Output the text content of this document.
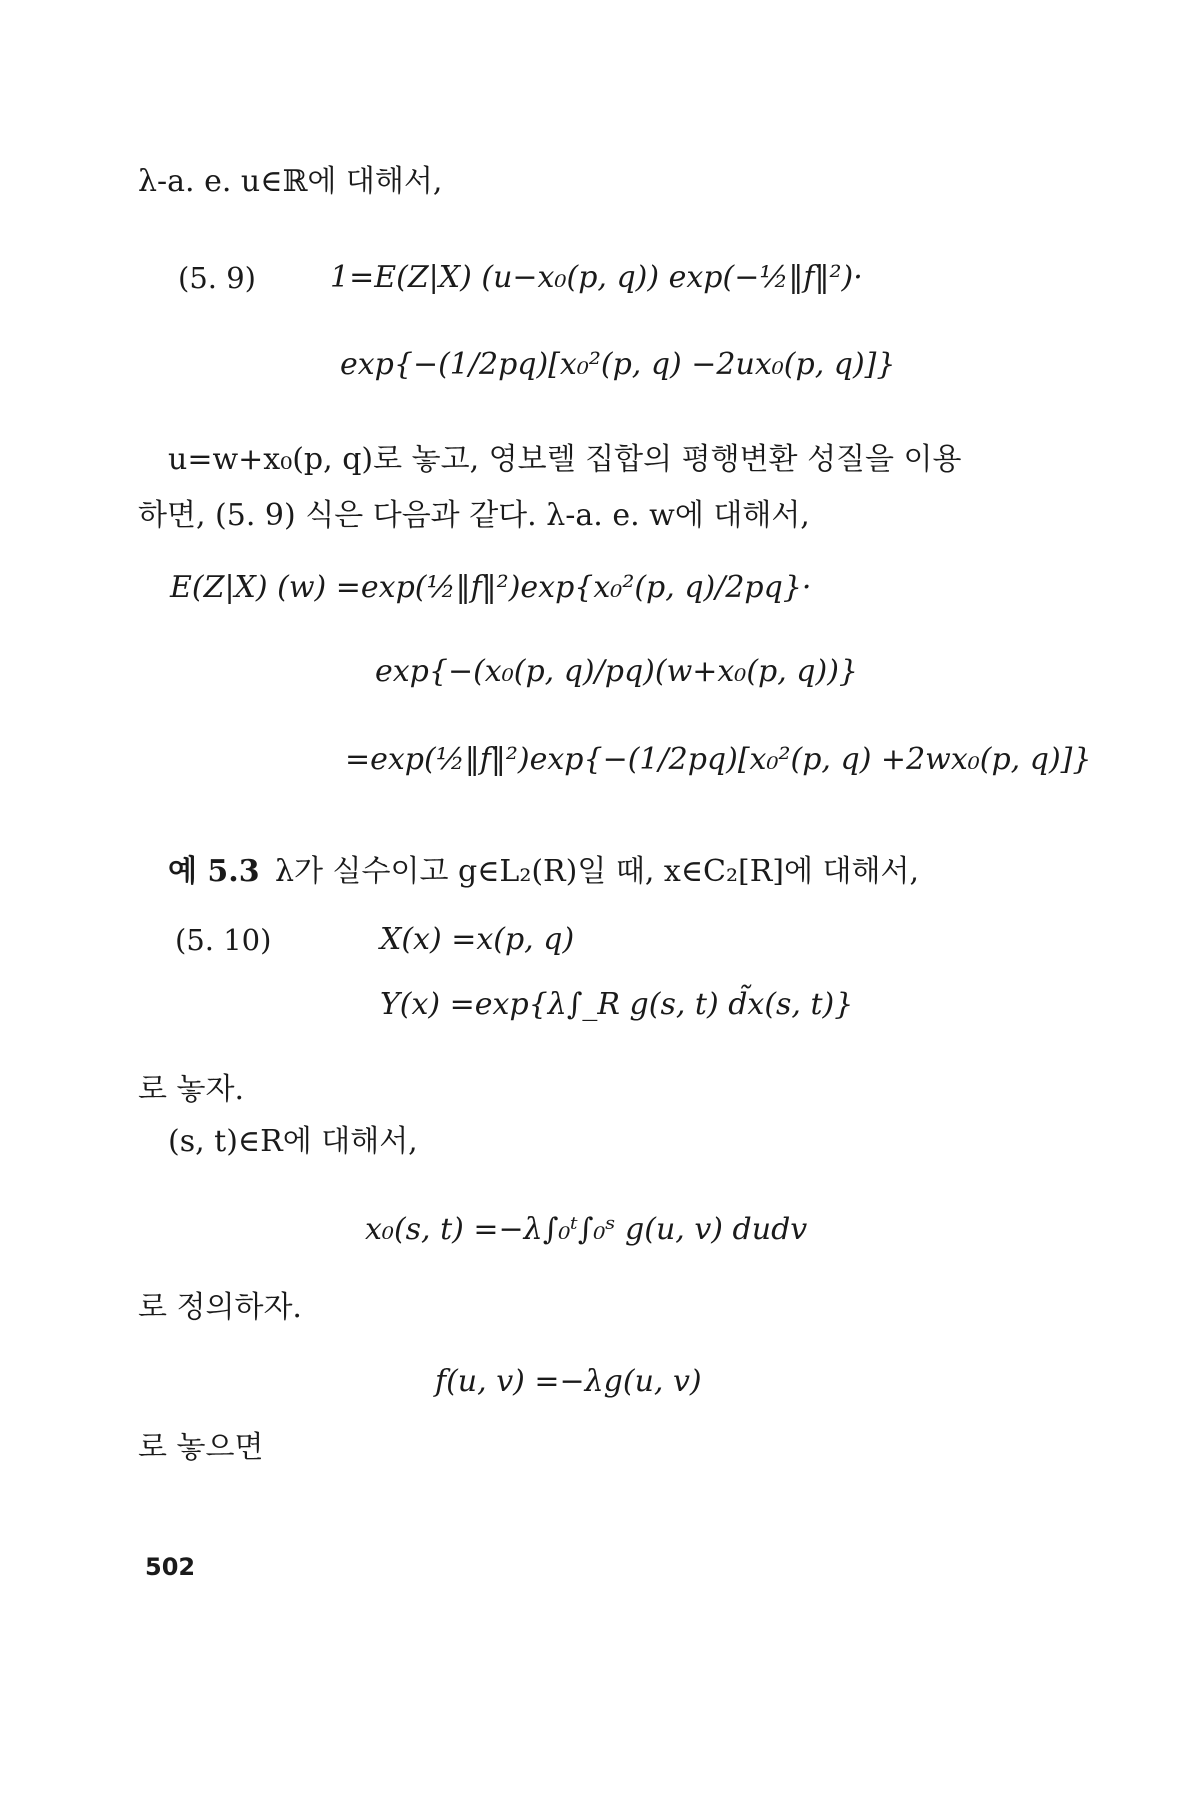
λ-a. e. u∈ℝ에 대해서,
(5. 9) 1=E(Z|X) (u−x₀(p, q)) exp(−½‖f‖²)·
exp{−(1/2pq)[x₀²(p, q) −2ux₀(p, q)]}
u=w+x₀(p, q)로 놓고, 영보렐 집합의 평행변환 성질을 이용
하면, (5. 9) 식은 다음과 같다. λ-a. e. w에 대해서,
E(Z|X) (w) =exp(½‖f‖²)exp{x₀²(p, q)/2pq}·
exp{−(x₀(p, q)/pq)(w+x₀(p, q))}
=exp(½‖f‖²)exp{−(1/2pq)[x₀²(p, q) +2wx₀(p, q)]}
예 5.3 λ가 실수이고 g∈L₂(R)일 때, x∈C₂[R]에 대해서,
(5. 10)	X(x) =x(p, q)
Y(x) =exp{λ∫_R g(s, t) d̃x(s, t)}
로 놓자.
(s, t)∈R에 대해서,
x₀(s, t) =−λ∫₀ᵗ∫₀ˢ g(u, v) dudv
로 정의하자.
f(u, v) =−λg(u, v)
로 놓으면
502
